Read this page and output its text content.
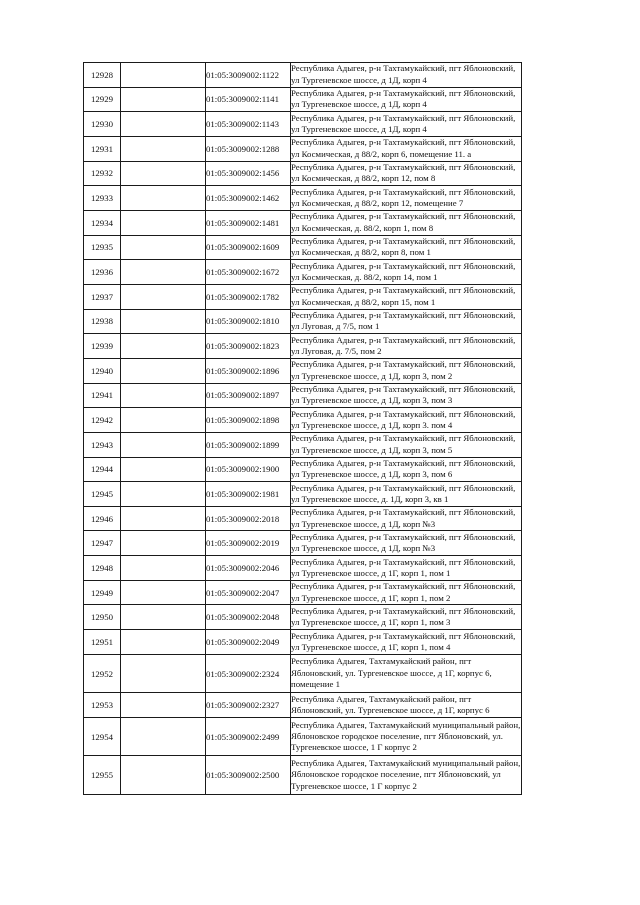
12928		01:05:3009002:1122	Республика Адыгея, р-н Тахтамукайский, пгт Яблоновский,
ул Тургеневское шоссе, д 1Д, корп 4

12929		01:05:3009002:1141	Республика Адыгея, р-н Тахтамукайский, пгт Яблоновский,
ул Тургеневское шоссе, д 1Д, корп 4

12930		01:05:3009002:1143	Республика Адыгея, р-н Тахтамукайский, пгт Яблоновский,
ул Тургеневское шоссе, д 1Д, корп 4

12931		01:05:3009002:1288	Республика Адыгея, р-н Тахтамукайский, пгт Яблоновский,
ул Космическая, д 88/2, корп 6, помещение 11. а

12932		01:05:3009002:1456	Республика Адыгея, р-н Тахтамукайский, пгт Яблоновский,
ул Космическая, д 88/2, корп 12, пом 8

12933		01:05:3009002:1462	Республика Адыгея, р-н Тахтамукайский, пгт Яблоновский,
ул Космическая, д 88/2, корп 12, помещение 7

12934		01:05:3009002:1481	Республика Адыгея, р-н Тахтамукайский, пгт Яблоновский,
ул Космическая, д. 88/2, корп 1, пом 8

12935		01:05:3009002:1609	Республика Адыгея, р-н Тахтамукайский, пгт Яблоновский,
ул Космическая, д 88/2, корп 8, пом 1

12936		01:05:3009002:1672	Республика Адыгея, р-н Тахтамукайский, пгт Яблоновский,
ул Космическая, д. 88/2, корп 14, пом 1

12937		01:05:3009002:1782	Республика Адыгея, р-н Тахтамукайский, пгт Яблоновский,
ул Космическая, д 88/2, корп 15, пом 1

12938		01:05:3009002:1810	Республика Адыгея, р-н Тахтамукайский, пгт Яблоновский,
ул Луговая, д 7/5, пом 1

12939		01:05:3009002:1823	Республика Адыгея, р-н Тахтамукайский, пгт Яблоновский,
ул Луговая, д. 7/5, пом 2

12940		01:05:3009002:1896	Республика Адыгея, р-н Тахтамукайский, пгт Яблоновский,
ул Тургеневское шоссе, д 1Д, корп 3, пом 2

12941		01:05:3009002:1897	Республика Адыгея, р-н Тахтамукайский, пгт Яблоновский,
ул Тургеневское шоссе, д 1Д, корп 3, пом 3

12942		01:05:3009002:1898	Республика Адыгея, р-н Тахтамукайский, пгт Яблоновский,
ул Тургеневское шоссе, д 1Д, корп 3. пом 4

12943		01:05:3009002:1899	Республика Адыгея, р-н Тахтамукайский, пгт Яблоновский,
ул Тургеневское шоссе, д 1Д, корп 3, пом 5

12944		01:05:3009002:1900	Республика Адыгея, р-н Тахтамукайский, пгт Яблоновский,
ул Тургеневское шоссе, д 1Д, корп 3, пом 6

12945		01:05:3009002:1981	Республика Адыгея, р-н Тахтамукайский, пгт Яблоновский,
ул Тургеневское шоссе, д. 1Д, корп 3, кв 1

12946		01:05:3009002:2018	Республика Адыгея, р-н Тахтамукайский, пгт Яблоновский,
ул Тургеневское шоссе, д 1Д, корп №3

12947		01:05:3009002:2019	Республика Адыгея, р-н Тахтамукайский, пгт Яблоновский,
ул Тургеневское шоссе, д 1Д, корп №3

12948		01:05:3009002:2046	Республика Адыгея, р-н Тахтамукайский, пгт Яблоновский,
ул Тургеневское шоссе, д 1Г, корп 1, пом 1

12949		01:05:3009002:2047	Республика Адыгея, р-н Тахтамукайский, пгт Яблоновский,
ул Тургеневское шоссе, д 1Г, корп 1, пом 2

12950		01:05:3009002:2048	Республика Адыгея, р-н Тахтамукайский, пгт Яблоновский,
ул Тургеневское шоссе, д 1Г, корп 1, пом 3

12951		01:05:3009002:2049	Республика Адыгея, р-н Тахтамукайский, пгт Яблоновский,
ул Тургеневское шоссе, д 1Г, корп 1, пом 4

12952		01:05:3009002:2324	Республика Адыгея, Тахтамукайский район, пгт
Яблоновский, ул. Тургеневское шоссе, д 1Г, корпус 6,
помещение 1

12953		01:05:3009002:2327	Республика Адыгея, Тахтамукайский район, пгт
Яблоновский, ул. Тургеневское шоссе, д 1Г, корпус 6

12954		01:05:3009002:2499	Республика Адыгея, Тахтамукайский муниципальный район,
Яблоновское городское поселение, пгт Яблоновский, ул.
Тургеневское шоссе, 1 Г корпус 2

12955		01:05:3009002:2500	Республика Адыгея, Тахтамукайский муниципальный район,
Яблоновское городское поселение, пгт Яблоновский, ул
Тургеневское шоссе, 1 Г корпус 2
